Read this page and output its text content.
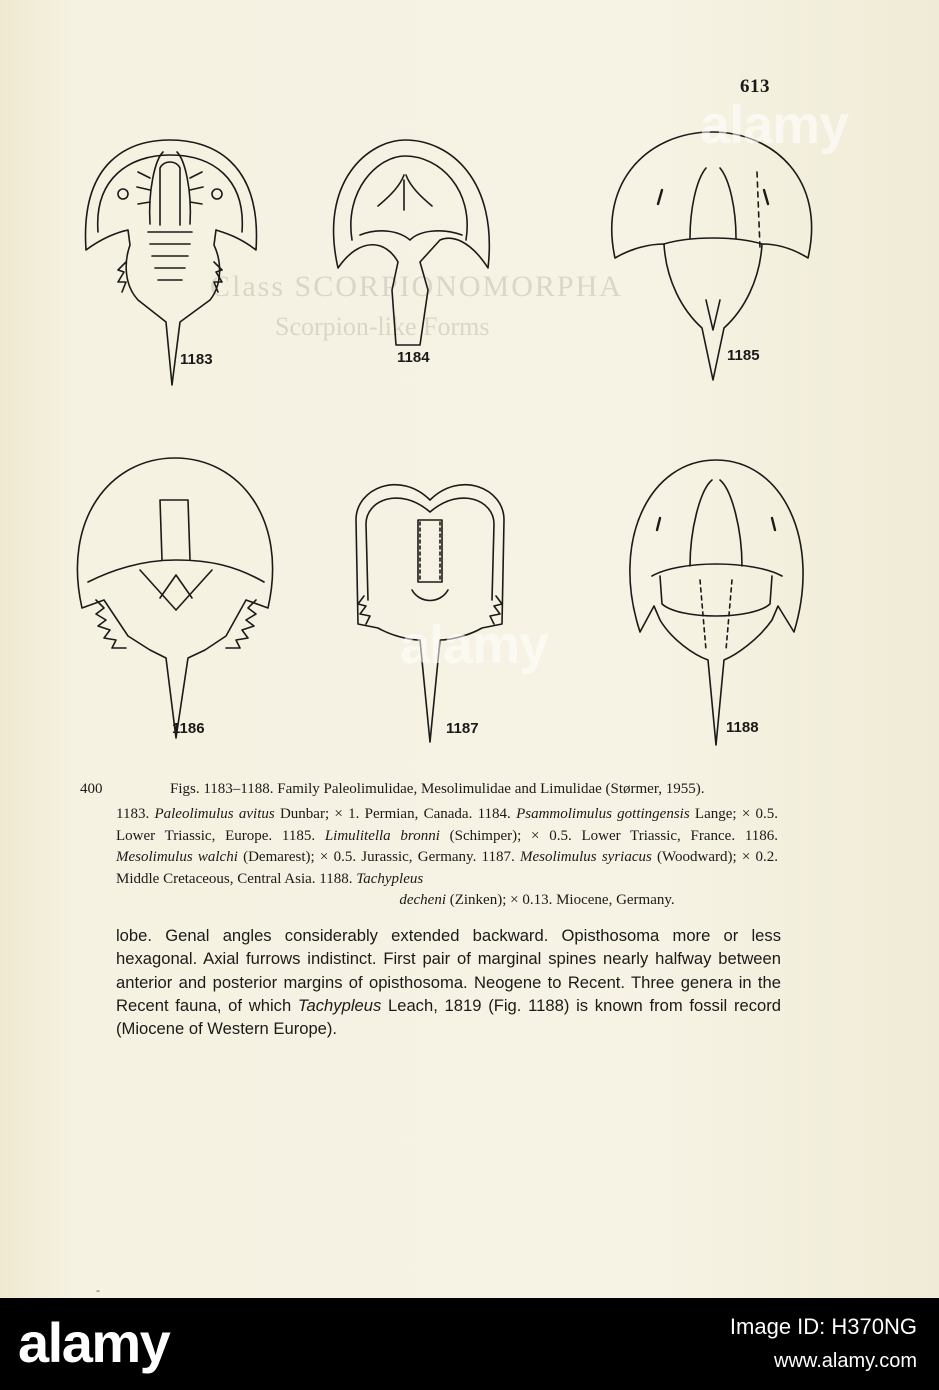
Class SCORPIONOMORPHA
Scorpion-like Forms
613
1183	1184	1185
1186	1187	1188
400	Figs. 1183–1188. Family Paleolimulidae, Mesolimulidae and Limulidae (Størmer, 1955).
1183. Paleolimulus avitus Dunbar; × 1. Permian, Canada. 1184. Psammolimulus gottingensis Lange; × 0.5. Lower Triassic, Europe. 1185. Limulitella bronni (Schimper); × 0.5. Lower Triassic, France. 1186. Mesolimulus walchi (Demarest); × 0.5. Jurassic, Germany. 1187. Mesolimulus syriacus (Woodward); × 0.2. Middle Cretaceous, Central Asia. 1188. Tachypleus
decheni (Zinken); × 0.13. Miocene, Germany.
lobe. Genal angles considerably extended backward. Opisthosoma more or less hexagonal. Axial furrows indistinct. First pair of marginal spines nearly halfway between anterior and posterior margins of opisthosoma. Neogene to Recent. Three genera in the Recent fauna, of which Tachypleus Leach, 1819 (Fig. 1188) is known from fossil record (Miocene of Western Europe).
-
alamy
alamy
alamy	Image ID: H370NG
www.alamy.com
